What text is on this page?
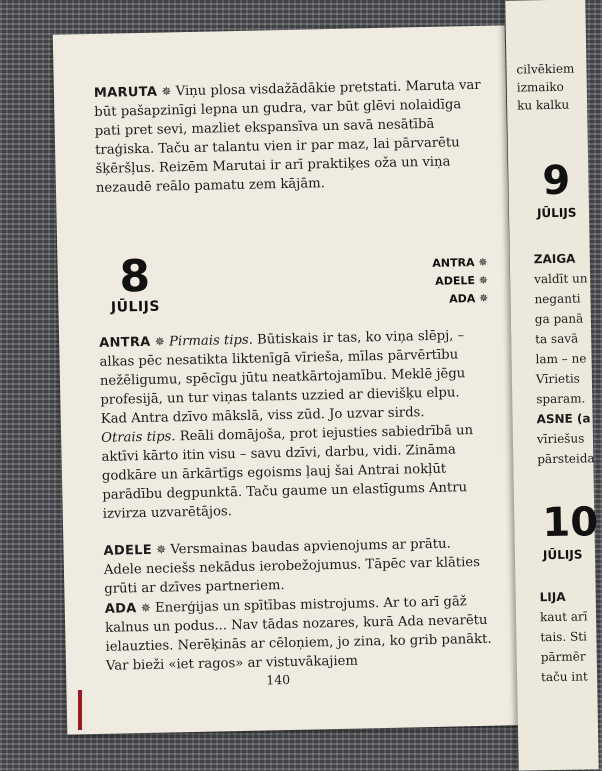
MARUTA ✵ Viņu plosa visdažādākie pretstati. Maruta var būt pašapzinīgi lepna un gudra, var būt glēvi nolaidīga pati pret sevi, mazliet ekspansīva un savā nesātībā traģiska. Taču ar talantu vien ir par maz, lai pārvarētu šķēršļus. Reizēm Marutai ir arī praktiķes oža un viņa nezaudē reālo pamatu zem kājām.
8
JŪLIJS
ANTRA ✵
ADELE ✵
ADA ✵
ANTRA ✵ Pirmais tips. Būtiskais ir tas, ko viņa slēpj, – alkas pēc nesatikta liktenīgā vīrieša, mīlas pārvērtību nežēligumu, spēcīgu jūtu neatkārtojamību. Meklē jēgu profesijā, un tur viņas talants uzzied ar dievišķu elpu. Kad Antra dzīvo mākslā, viss zūd. Jo uzvar sirds.
Otrais tips. Reāli domājoša, prot iejusties sabiedrībā un aktīvi kārto itin visu – savu dzīvi, darbu, vidi. Zināma godkāre un ārkārtīgs egoisms ļauj šai Antrai nokļūt parādību degpunktā. Taču gaume un elastīgums Antru izvirza uzvarētājos.
ADELE ✵ Versmainas baudas apvienojums ar prātu. Adele neciešs nekādus ierobežojumus. Tāpēc var klāties grūti ar dzīves partneriem.
ADA ✵ Enerģijas un spītības mistrojums. Ar to arī gāž kalnus un podus... Nav tādas nozares, kurā Ada nevarētu ielauzties. Nerēķinās ar cēloņiem, jo zina, ko grib panākt. Var bieži «iet ragos» ar vistuvākajiem
140
cilvēkiem
izmaiko
ku kalku
9
JŪLIJS
ZAIGA
valdīt un
neganti
ga panā
ta savā
lam – ne
Vīrietis
sparam.
ASNE (a
vīriešus
pārsteida
10
JŪLIJS
LIJA
kaut arī
tais. Sti
pārmēr
taču int
